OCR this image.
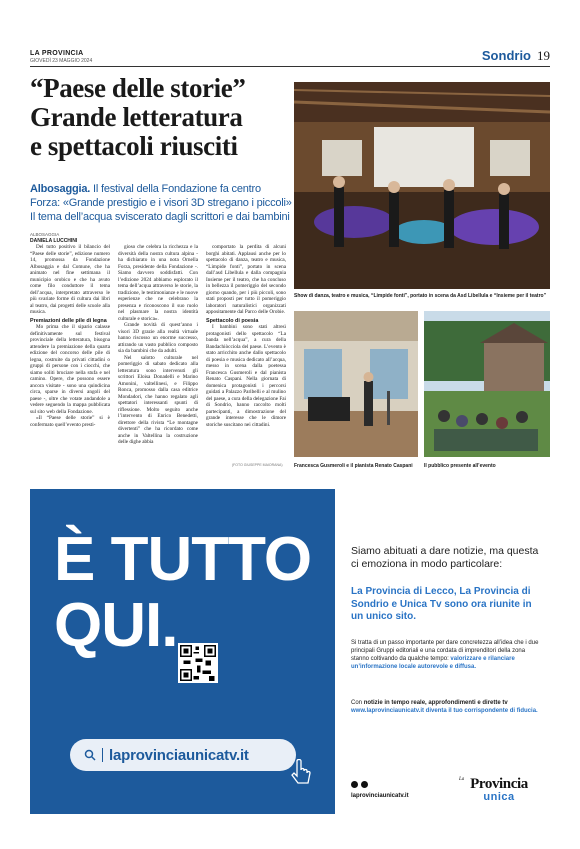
LA PROVINCIA
GIOVEDÌ 23 MAGGIO 2024	Sondrio 19
“Paese delle storie”
Grande letteratura
e spettacoli riusciti
Albosaggia. Il festival della Fondazione fa centro Forza: «Grande prestigio e i visori 3D stregano i piccoli» Il tema dell’acqua sviscerato dagli scrittori e dai bambini
ALBOSAGGIA
DANIELA LUCCHINI

Del tutto positivo il bilancio del “Paese delle storie”, edizione numero 14, promossa da Fondazione Albosaggia e dal Comune, che ha animato nel fine settimana il municipio orobico e che ha avuto come filo conduttore il tema dell’acqua, interpretato attraverso le più svariate forme di cultura dai libri al teatro, dai progetti delle scuole alla musica.

Premiazioni delle pile di legna

Mo prima che il sipario calasse definitivamente sul festival provinciale della letteratura, bisogna attendere la premiazione della quarta edizione del concorso delle pile di legna, costruite da privati cittadini o gruppi di persone con i ciocchi, che siamo soliti bruciare nella stufa e nel camino. Opere, che possono essere ancora visitate - sono una quindicina circa, sparse in diversi angoli del paese -, oltre che votate andandole a vedere seguendo la mappa pubblicata sul sito web della Fondazione.

«Il “Paese delle storie” si è confermato quell’evento presti-

gioso che celebra la ricchezza e la diversità della nostra cultura alpina - ha dichiarato in una nota Ornella Forza, presidente della Fondazione -. Siamo davvero soddisfatti. Con l’edizione 2024 abbiamo esplorato il tema dell’acqua attraverso le storie, la tradizione, le testimonianze e le nuove esperienze che ne celebrano la presenza e riconoscono il suo ruolo nel plasmare la nostra identità culturale e storica».

Grande novità di quest’anno i visori 3D grazie alla realtà virtuale hanno riscosso un enorme successo, attirando un vasto pubblico composto sia da bambini che da adulti.

Nel salotto culturale nel pomeriggio di sabato dedicato alla letteratura sono intervenuti gli scrittori Eloisa Donadelli e Marino Amonini, valtellinesi, e Filippo Ronca, promosso dalla casa editrice Mondadori, che hanno regalato agli spettatori interessanti spunti di riflessione. Molto seguito anche l’intervento di Enrico Benedetti, direttore della rivista “Le montagne divertenti” che ha ricordato come anche in Valtellina la costruzione delle dighe abbia

comportato la perdita di alcuni borghi abitati. Applausi anche per lo spettacolo di danza, teatro e musica, “Limpide fonti”, portato in scena dall’asd Libellula e dalla compagnia Insieme per il teatro, che ha concluso in bellezza il pomeriggio del secondo giorno quando, per i più piccoli, sono stati proposti per tutto il pomeriggio laboratori naturalistici organizzati appositamente dal Parco delle Orobie.

Spettacolo di poesia

I bambini sono stati altresì protagonisti dello spettacolo “La banda nell’acqua”, a cura della Bandachiòcciola del paese. L’evento è stato arricchito anche dallo spettacolo di poesia e musica dedicato all’acqua, messo in scena dalla poetessa Francesca Gusmeroli e dal pianista Renato Caspani. Nella giornata di domenica protagonisti i percorsi guidati a Palazzo Paribelli e al mulino del paese, a cura della delegazione Fai di Sondrio, hanno raccolto molti partecipanti, a dimostrazione del grande interesse che le dimore storiche suscitano nei cittadini.

Show di danza, teatro e musica, “Limpide fonti”, portato in scena da Asd Libellula e “Insieme per il teatro”
Francesca Gusmeroli e il pianista Renato Caspani	Il pubblico presente all’evento
(FOTO GIUSEPPE MAIORANA)
È TUTTO
QUI.
laprovinciaunicatv.it
Siamo abituati a dare notizie, ma questa ci emoziona in modo particolare:
La Provincia di Lecco, La Provincia di Sondrio e Unica Tv sono ora riunite in un unico sito.
Si tratta di un passo importante per dare concretezza all’idea che i due principali Gruppi editoriali e una cordata di imprenditori della zona stanno coltivando da qualche tempo: valorizzare e rilanciare un’informazione locale autorevole e diffusa.
Con notizie in tempo reale, approfondimenti e dirette tv www.laprovinciaunicatv.it diventa il tuo corrispondente di fiducia.
laprovinciaunicatv.it
La Provincia
unica
